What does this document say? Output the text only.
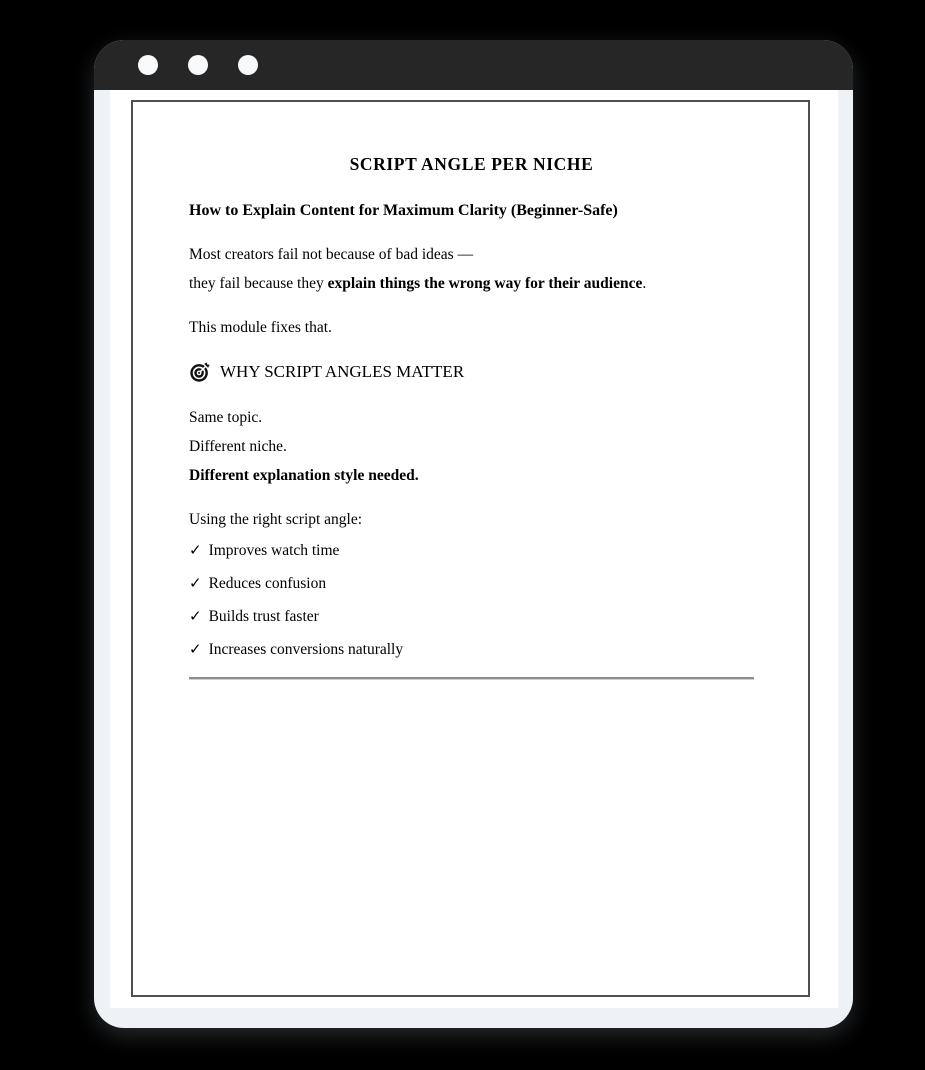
SCRIPT ANGLE PER NICHE
How to Explain Content for Maximum Clarity (Beginner-Safe)

Most creators fail not because of bad ideas —
they fail because they explain things the wrong way for their audience.

This module fixes that.

WHY SCRIPT ANGLES MATTER

Same topic.
Different niche.
Different explanation style needed.

Using the right script angle:

✓ Improves watch time

✓ Reduces confusion

✓ Builds trust faster

✓ Increases conversions naturally
